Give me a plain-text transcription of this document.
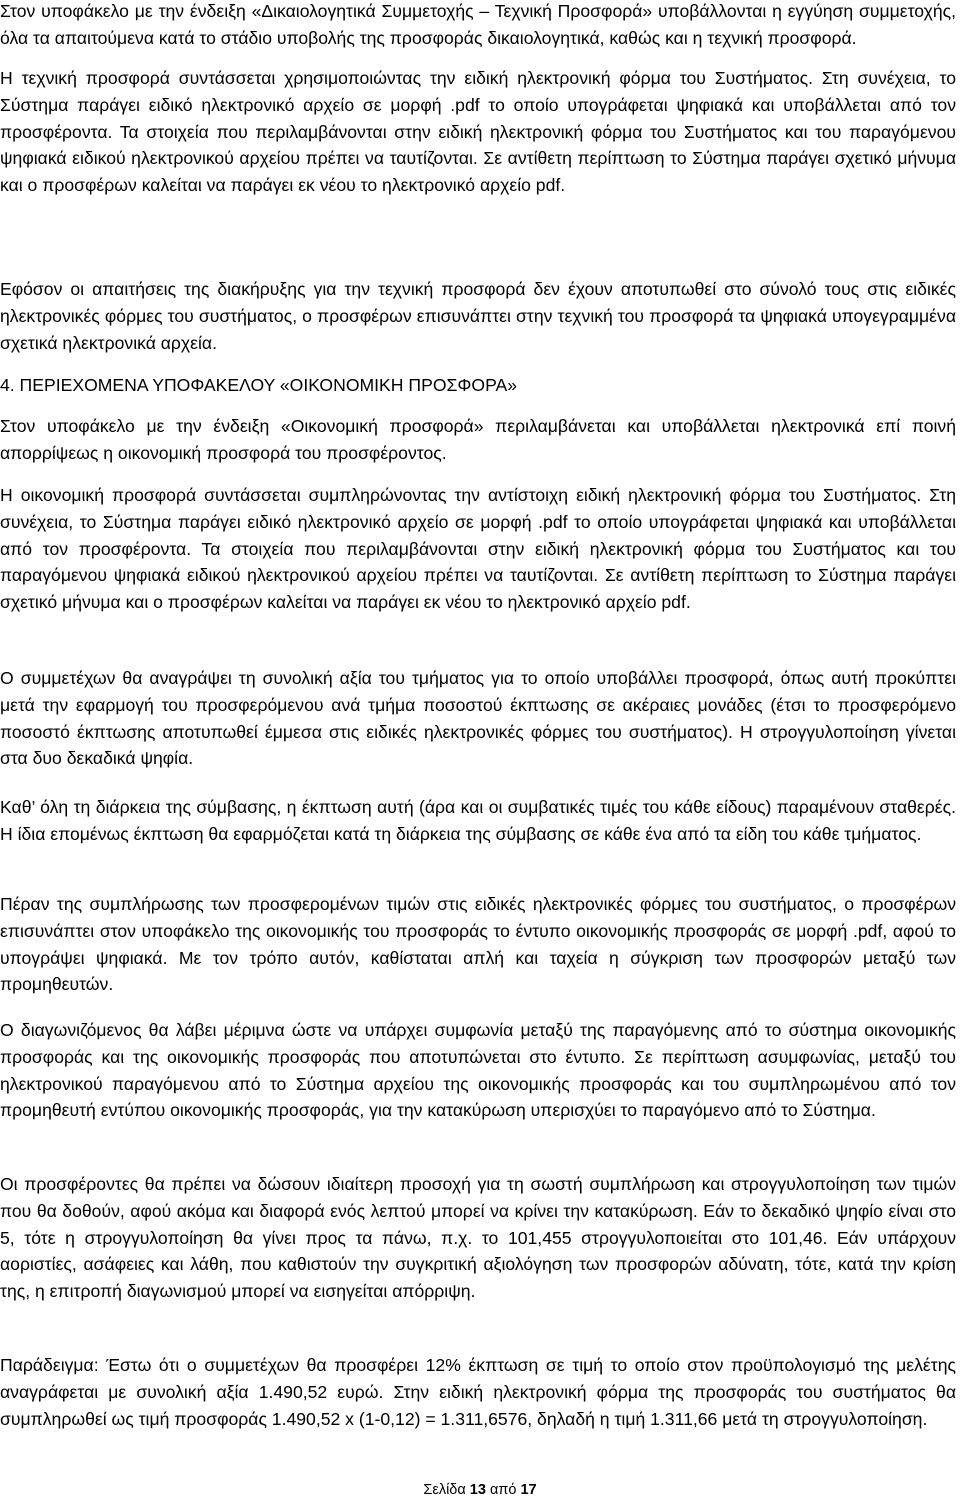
Στον υποφάκελο με την ένδειξη «Δικαιολογητικά Συμμετοχής – Τεχνική Προσφορά» υποβάλλονται η εγγύηση συμμετοχής, όλα τα απαιτούμενα κατά το στάδιο υποβολής της προσφοράς δικαιολογητικά, καθώς και η τεχνική προσφορά.

Η τεχνική προσφορά συντάσσεται χρησιμοποιώντας την ειδική ηλεκτρονική φόρμα του Συστήματος. Στη συνέχεια, το Σύστημα παράγει ειδικό ηλεκτρονικό αρχείο σε μορφή .pdf το οποίο υπογράφεται ψηφιακά και υποβάλλεται από τον προσφέροντα. Τα στοιχεία που περιλαμβάνονται στην ειδική ηλεκτρονική φόρμα του Συστήματος και του παραγόμενου ψηφιακά ειδικού ηλεκτρονικού αρχείου πρέπει να ταυτίζονται. Σε αντίθετη περίπτωση το Σύστημα παράγει σχετικό μήνυμα και ο προσφέρων καλείται να παράγει εκ νέου το ηλεκτρονικό αρχείο pdf.

Εφόσον οι απαιτήσεις της διακήρυξης για την τεχνική προσφορά δεν έχουν αποτυπωθεί στο σύνολό τους στις ειδικές ηλεκτρονικές φόρμες του συστήματος, ο προσφέρων επισυνάπτει στην τεχνική του προσφορά τα ψηφιακά υπογεγραμμένα σχετικά ηλεκτρονικά αρχεία.

4. ΠΕΡΙΕΧΟΜΕΝΑ ΥΠΟΦΑΚΕΛΟΥ «ΟΙΚΟΝΟΜΙΚΗ ΠΡΟΣΦΟΡΑ»

Στον υποφάκελο με την ένδειξη «Οικονομική προσφορά» περιλαμβάνεται και υποβάλλεται ηλεκτρονικά επί ποινή απορρίψεως η οικονομική προσφορά του προσφέροντος.

Η οικονομική προσφορά συντάσσεται συμπληρώνοντας την αντίστοιχη ειδική ηλεκτρονική φόρμα του Συστήματος. Στη συνέχεια, το Σύστημα παράγει ειδικό ηλεκτρονικό αρχείο σε μορφή .pdf το οποίο υπογράφεται ψηφιακά και υποβάλλεται από τον προσφέροντα. Τα στοιχεία που περιλαμβάνονται στην ειδική ηλεκτρονική φόρμα του Συστήματος και του παραγόμενου ψηφιακά ειδικού ηλεκτρονικού αρχείου πρέπει να ταυτίζονται. Σε αντίθετη περίπτωση το Σύστημα παράγει σχετικό μήνυμα και ο προσφέρων καλείται να παράγει εκ νέου το ηλεκτρονικό αρχείο pdf.

Ο συμμετέχων θα αναγράψει τη συνολική αξία του τμήματος για το οποίο υποβάλλει προσφορά, όπως αυτή προκύπτει μετά την εφαρμογή του προσφερόμενου ανά τμήμα ποσοστού έκπτωσης σε ακέραιες μονάδες (έτσι το προσφερόμενο ποσοστό έκπτωσης αποτυπωθεί έμμεσα στις ειδικές ηλεκτρονικές φόρμες του συστήματος). Η στρογγυλοποίηση γίνεται στα δυο δεκαδικά ψηφία.

Καθ’ όλη τη διάρκεια της σύμβασης, η έκπτωση αυτή (άρα και οι συμβατικές τιμές του κάθε είδους) παραμένουν σταθερές. Η ίδια επομένως έκπτωση θα εφαρμόζεται κατά τη διάρκεια της σύμβασης σε κάθε ένα από τα είδη του κάθε τμήματος.

Πέραν της συμπλήρωσης των προσφερομένων τιμών στις ειδικές ηλεκτρονικές φόρμες του συστήματος, ο προσφέρων επισυνάπτει στον υποφάκελο της οικονομικής του προσφοράς το έντυπο οικονομικής προσφοράς σε μορφή .pdf, αφού το υπογράψει ψηφιακά. Με τον τρόπο αυτόν, καθίσταται απλή και ταχεία η σύγκριση των προσφορών μεταξύ των προμηθευτών.

Ο διαγωνιζόμενος θα λάβει μέριμνα ώστε να υπάρχει συμφωνία μεταξύ της παραγόμενης από το σύστημα οικονομικής προσφοράς και της οικονομικής προσφοράς που αποτυπώνεται στο έντυπο. Σε περίπτωση ασυμφωνίας, μεταξύ του ηλεκτρονικού παραγόμενου από το Σύστημα αρχείου της οικονομικής προσφοράς και του συμπληρωμένου από τον προμηθευτή εντύπου οικονομικής προσφοράς, για την κατακύρωση υπερισχύει το παραγόμενο από το Σύστημα.

Οι προσφέροντες θα πρέπει να δώσουν ιδιαίτερη προσοχή για τη σωστή συμπλήρωση και στρογγυλοποίηση των τιμών που θα δοθούν, αφού ακόμα και διαφορά ενός λεπτού μπορεί να κρίνει την κατακύρωση. Εάν το δεκαδικό ψηφίο είναι στο 5, τότε η στρογγυλοποίηση θα γίνει προς τα πάνω, π.χ. το 101,455 στρογγυλοποιείται στο 101,46. Εάν υπάρχουν αοριστίες, ασάφειες και λάθη, που καθιστούν την συγκριτική αξιολόγηση των προσφορών αδύνατη, τότε, κατά την κρίση της, η επιτροπή διαγωνισμού μπορεί να εισηγείται απόρριψη.

Παράδειγμα: Έστω ότι ο συμμετέχων θα προσφέρει 12% έκπτωση σε τιμή το οποίο στον προϋπολογισμό της μελέτης αναγράφεται με συνολική αξία 1.490,52 ευρώ. Στην ειδική ηλεκτρονική φόρμα της προσφοράς του συστήματος θα συμπληρωθεί ως τιμή προσφοράς 1.490,52 x (1-0,12) = 1.311,6576, δηλαδή η τιμή 1.311,66 μετά τη στρογγυλοποίηση.

Σελίδα 13 από 17
